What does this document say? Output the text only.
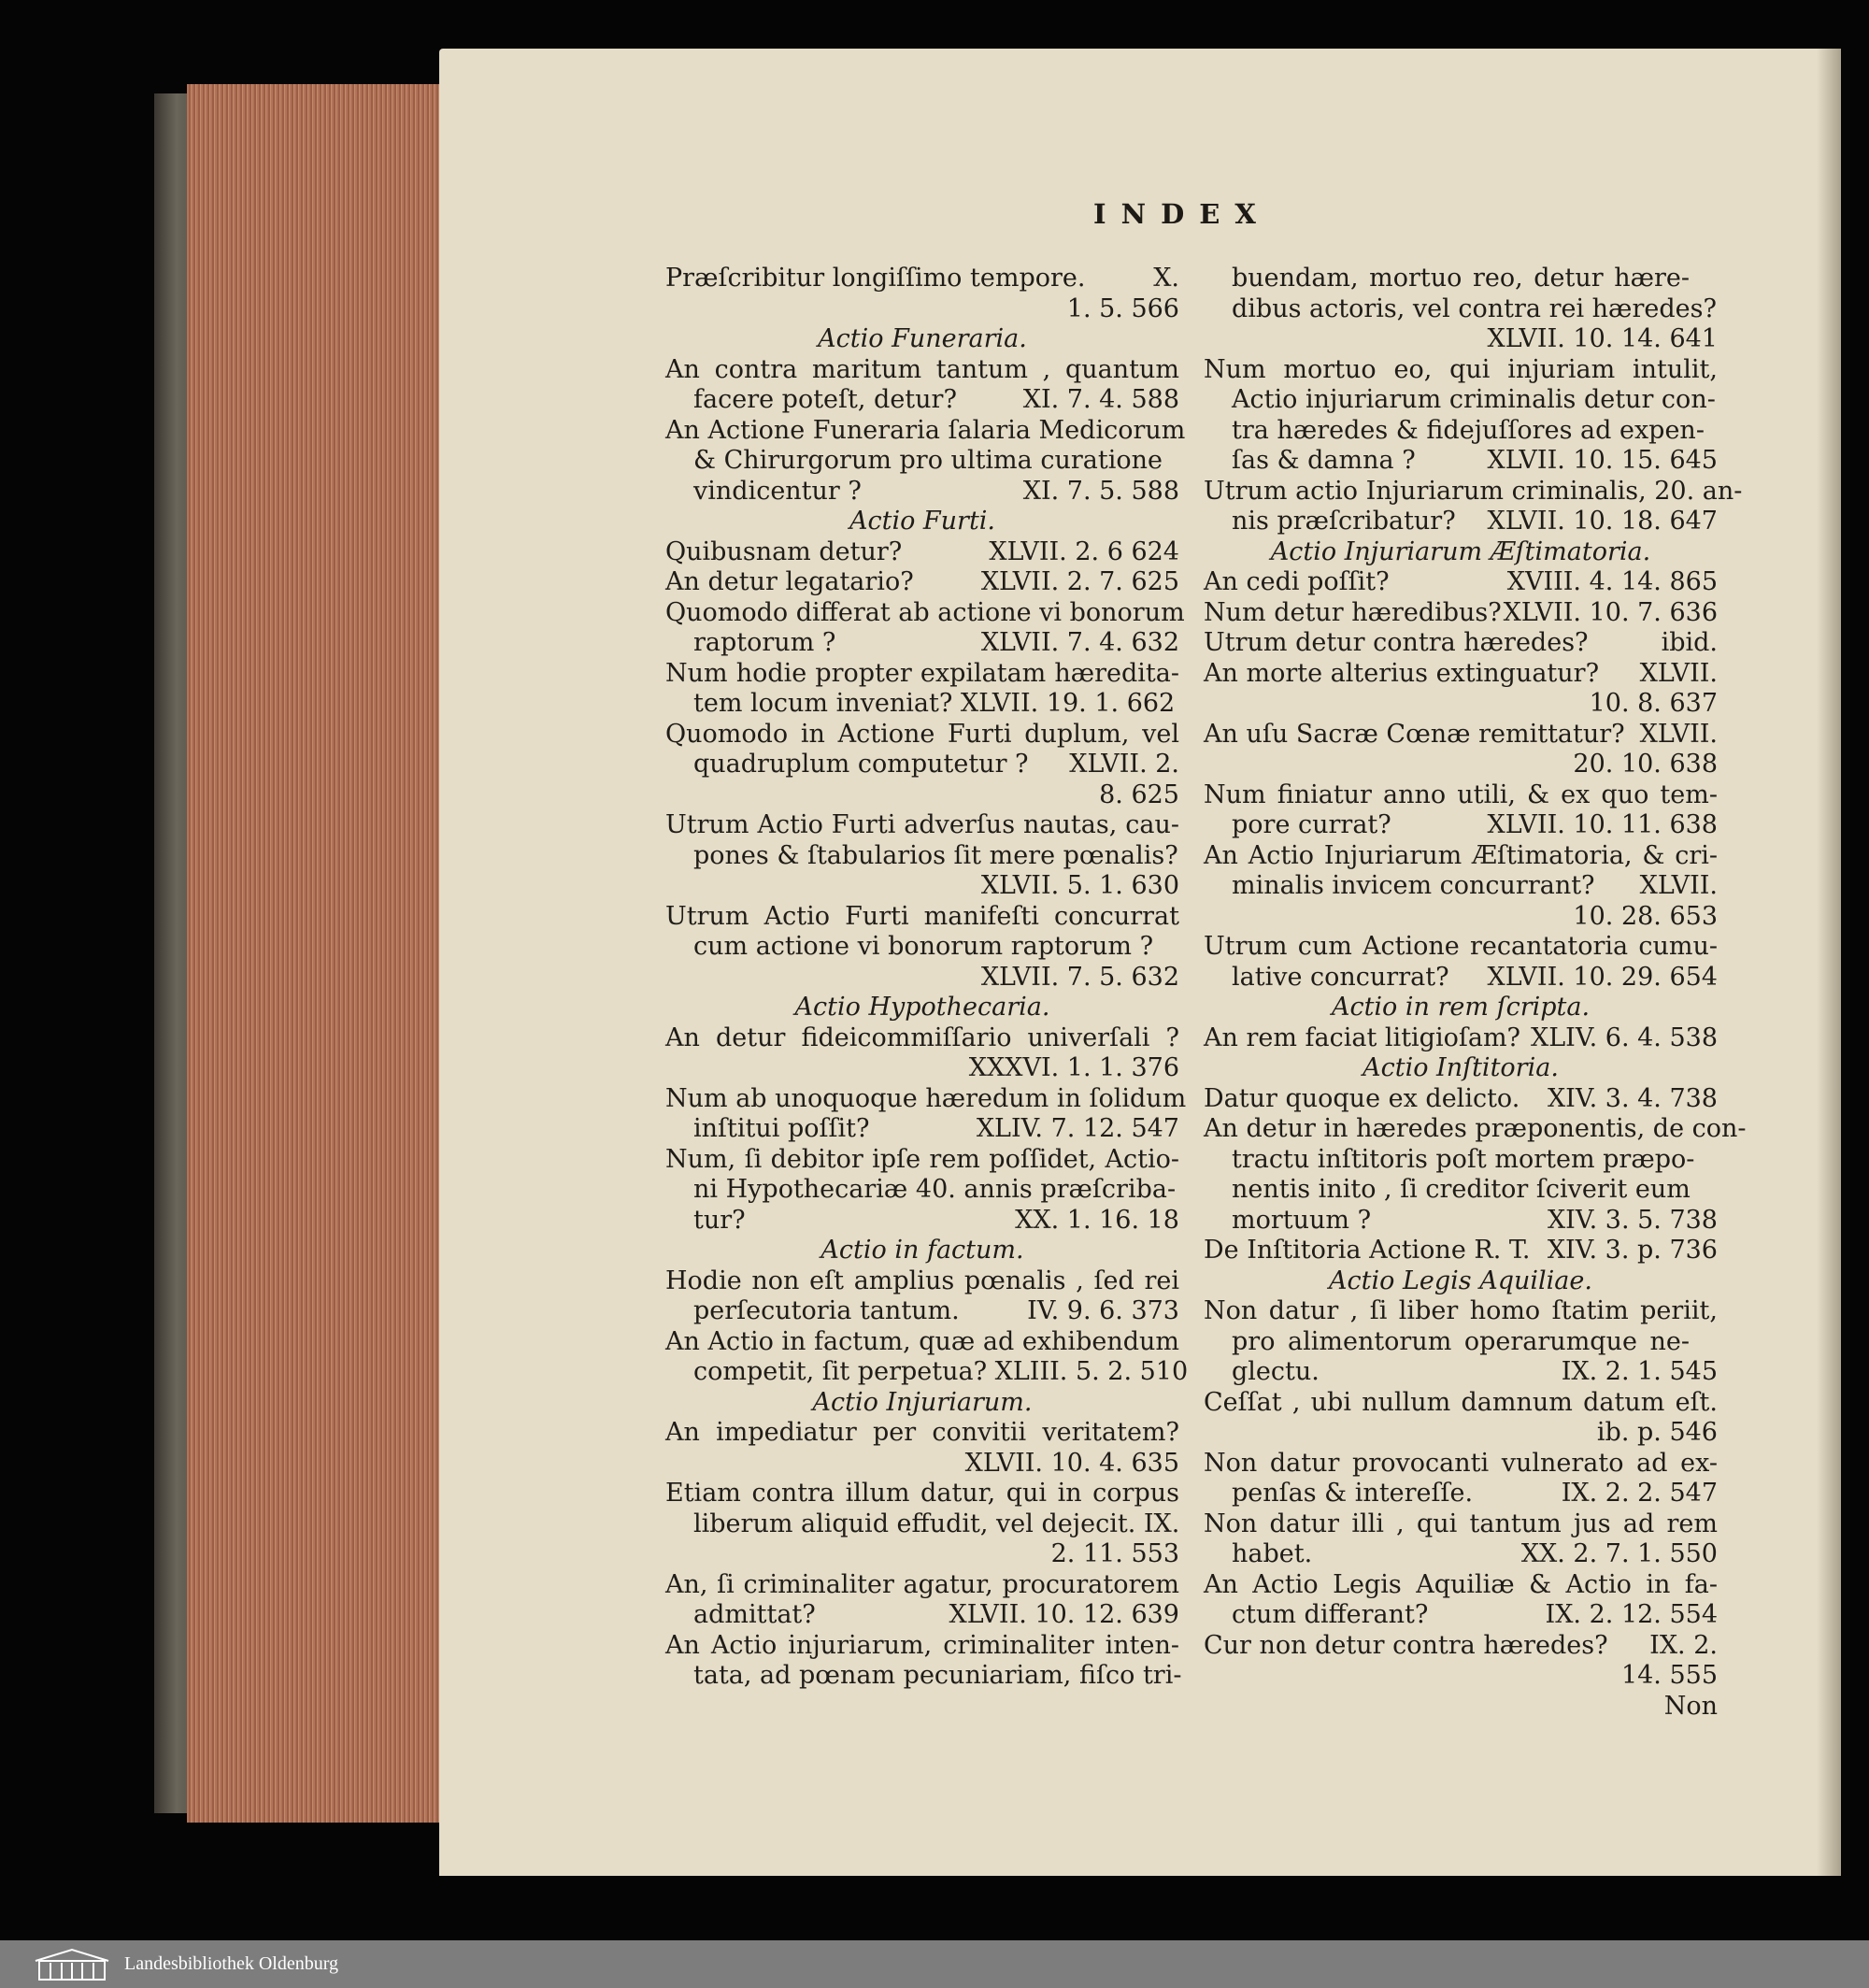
INDEX
Præſcribitur longiſſimo tempore.	X.
1. 5. 566
Actio Funeraria.
An contra maritum tantum , quantum
facere poteſt, detur?	XI. 7. 4. 588
An Actione Funeraria ſalaria Medicorum
& Chirurgorum pro ultima curatione
vindicentur ?	XI. 7. 5. 588
Actio Furti.
Quibusnam detur?	XLVII. 2. 6 624
An detur legatario?	XLVII. 2. 7. 625
Quomodo differat ab actione vi bonorum
raptorum ?	XLVII. 7. 4. 632
Num hodie propter expilatam hæredita-
tem locum inveniat? XLVII. 19. 1. 662
Quomodo in Actione Furti duplum, vel
quadruplum computetur ? XLVII. 2.
8. 625
Utrum Actio Furti adverſus nautas, cau-
pones & ſtabularios ſit mere pœnalis?
XLVII. 5. 1. 630
Utrum Actio Furti manifeſti concurrat
cum actione vi bonorum raptorum ?
XLVII. 7. 5. 632
Actio Hypothecaria.
An detur fideicommiſſario univerſali ?
XXXVI. 1. 1. 376
Num ab unoquoque hæredum in ſolidum
inſtitui poſſit?	XLIV. 7. 12. 547
Num, ſi debitor ipſe rem poſſidet, Actio-
ni Hypothecariæ 40. annis præſcriba-
tur?	XX. 1. 16. 18
Actio in factum.
Hodie non eſt amplius pœnalis , ſed rei
perſecutoria tantum.	IV. 9. 6. 373
An Actio in factum, quæ ad exhibendum
competit, ſit perpetua? XLIII. 5. 2. 510
Actio Injuriarum.
An impediatur per convitii veritatem?
XLVII. 10. 4. 635
Etiam contra illum datur, qui in corpus
liberum aliquid effudit, vel dejecit. IX.
2. 11. 553
An, ſi criminaliter agatur, procuratorem
admittat?	XLVII. 10. 12. 639
An Actio injuriarum, criminaliter inten-
tata, ad pœnam pecuniariam, fiſco tri-
buendam, mortuo reo, detur hære-
dibus actoris, vel contra rei hæredes?
XLVII. 10. 14. 641
Num mortuo eo, qui injuriam intulit,
Actio injuriarum criminalis detur con-
tra hæredes & fidejuſſores ad expen-
ſas & damna ?	XLVII. 10. 15. 645
Utrum actio Injuriarum criminalis, 20. an-
nis præſcribatur? XLVII. 10. 18. 647
Actio Injuriarum Æſtimatoria.
An cedi poſſit?	XVIII. 4. 14. 865
Num detur hæredibus? XLVII. 10. 7. 636
Utrum detur contra hæredes?	ibid.
An morte alterius extinguatur? XLVII.
10. 8. 637
An uſu Sacræ Cœnæ remittatur? XLVII.
20. 10. 638
Num finiatur anno utili, & ex quo tem-
pore currat?	XLVII. 10. 11. 638
An Actio Injuriarum Æſtimatoria, & cri-
minalis invicem concurrant? XLVII.
10. 28. 653
Utrum cum Actione recantatoria cumu-
lative concurrat? XLVII. 10. 29. 654
Actio in rem ſcripta.
An rem faciat litigioſam? XLIV. 6. 4. 538
Actio Inſtitoria.
Datur quoque ex delicto. XIV. 3. 4. 738
An detur in hæredes præponentis, de con-
tractu inſtitoris poſt mortem præpo-
nentis inito , ſi creditor ſciverit eum
mortuum ?	XIV. 3. 5. 738
De Inſtitoria Actione R. T. XIV. 3. p. 736
Actio Legis Aquiliae.
Non datur , ſi liber homo ſtatim periit,
pro alimentorum operarumque ne-
glectu.	IX. 2. 1. 545
Ceſſat , ubi nullum damnum datum eſt.
ib. p. 546
Non datur provocanti vulnerato ad ex-
penſas & intereſſe.	IX. 2. 2. 547
Non datur illi , qui tantum jus ad rem
habet.	XX. 2. 7. 1. 550
An Actio Legis Aquiliæ & Actio in fa-
ctum differant?	IX. 2. 12. 554
Cur non detur contra hæredes? IX. 2.
14. 555
Non
Landesbibliothek Oldenburg
